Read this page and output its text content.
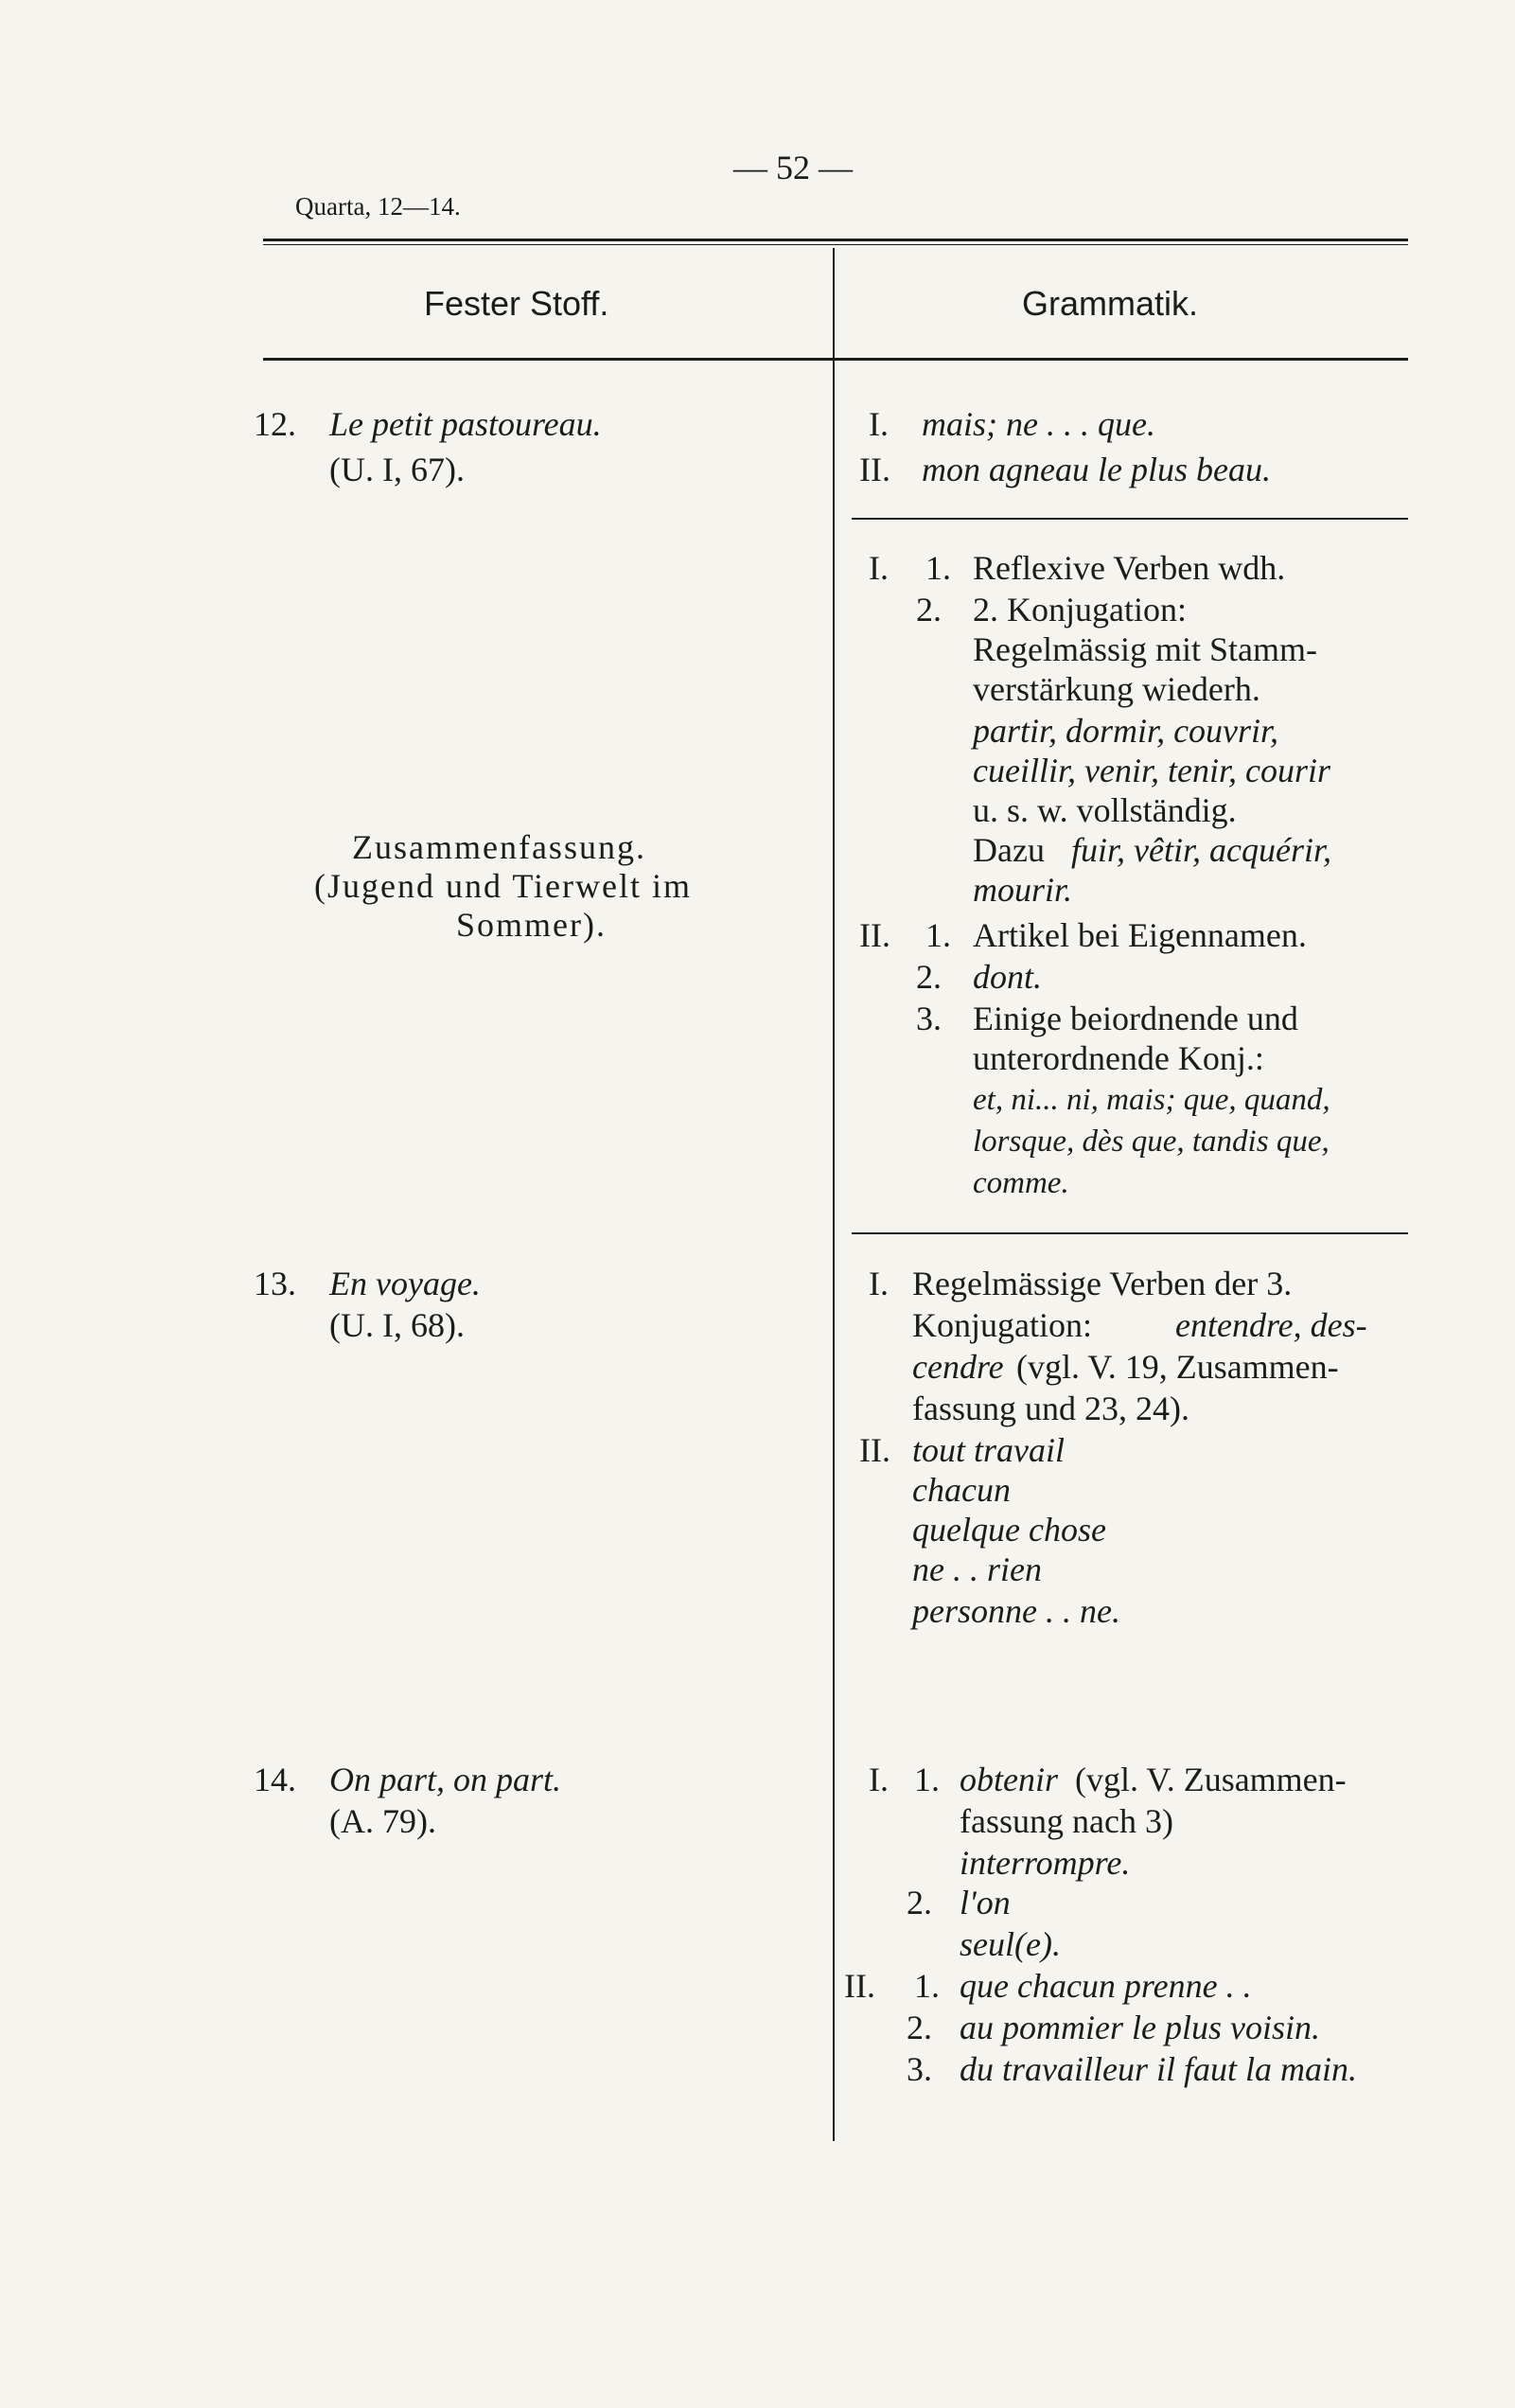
— 52 —
Quarta, 12—14.
Fester Stoff.	Grammatik.
12. Le petit pastoureau.
(U. I, 67).
Zusammenfassung.
(Jugend und Tierwelt im
Sommer).
I. mais; ne . . . que.
II. mon agneau le plus beau.
I. 1. Reflexive Verben wdh.
2. 2. Konjugation:
Regelmässig mit Stamm-
verstärkung wiederh.
partir, dormir, couvrir,
cueillir, venir, tenir, courir
u. s. w. vollständig.
Dazu fuir, vêtir, acquérir,
mourir.
II. 1. Artikel bei Eigennamen.
2. dont.
3. Einige beiordnende und
unterordnende Konj.:
et, ni... ni, mais; que, quand,
lorsque, dès que, tandis que,
comme.
13. En voyage.
(U. I, 68).
I. Regelmässige Verben der 3.
Konjugation: entendre, des-
cendre (vgl. V. 19, Zusammen-
fassung und 23, 24).
II. tout travail
chacun
quelque chose
ne . . rien
personne . . ne.
14. On part, on part.
(A. 79).
I. 1. obtenir (vgl. V. Zusammen-
fassung nach 3)
interrompre.
2. l'on
seul(e).
II. 1. que chacun prenne . .
2. au pommier le plus voisin.
3. du travailleur il faut la main.
